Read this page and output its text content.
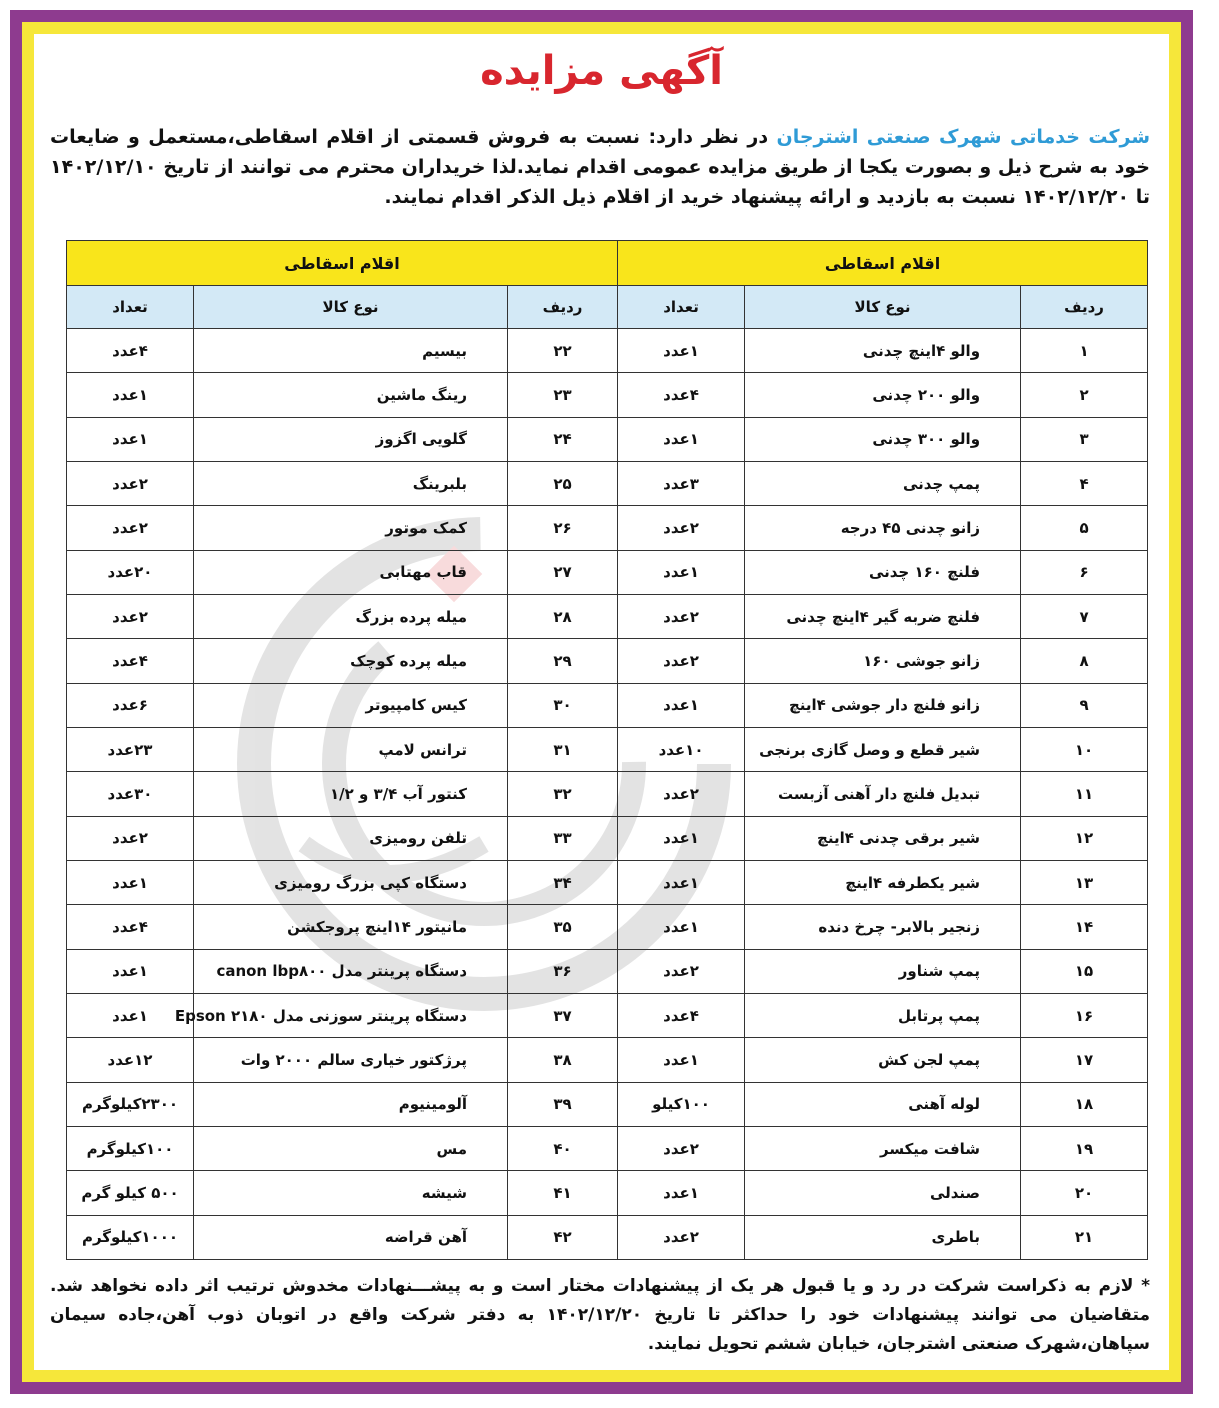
آگهی مزایده

شرکت خدماتی شهرک صنعتی اشترجان در نظر دارد: نسبت به فروش قسمتی از اقلام اسقاطی،مستعمل و ضایعات خود به شرح ذیل و بصورت یکجا از طریق مزایده عمومی اقدام نماید.لذا خریداران محترم می توانند از تاریخ ۱۴۰۲/۱۲/۱۰ تا ۱۴۰۲/۱۲/۲۰ نسبت به بازدید و ارائه پیشنهاد خرید از اقلام ذیل الذکر اقدام نمایند.

اقلام اسقاطی			اقلام اسقاطی		
ردیف	نوع کالا	تعداد	ردیف	نوع کالا	تعداد
۱	والو ۴اینچ چدنی	۱عدد	۲۲	بیسیم	۴عدد
۲	والو ۲۰۰ چدنی	۴عدد	۲۳	رینگ ماشین	۱عدد
۳	والو ۳۰۰ چدنی	۱عدد	۲۴	گلویی اگزوز	۱عدد
۴	پمپ چدنی	۳عدد	۲۵	بلبرینگ	۲عدد
۵	زانو چدنی ۴۵ درجه	۲عدد	۲۶	کمک موتور	۲عدد
۶	فلنچ ۱۶۰ چدنی	۱عدد	۲۷	قاب مهتابی	۲۰عدد
۷	فلنچ ضربه گیر ۴اینچ چدنی	۲عدد	۲۸	میله پرده بزرگ	۲عدد
۸	زانو جوشی ۱۶۰	۲عدد	۲۹	میله پرده کوچک	۴عدد
۹	زانو فلنچ دار جوشی ۴اینچ	۱عدد	۳۰	کیس کامپیوتر	۶عدد
۱۰	شیر قطع و وصل گازی برنجی	۱۰عدد	۳۱	ترانس لامپ	۲۳عدد
۱۱	تبدیل فلنچ دار آهنی آزبست	۲عدد	۳۲	کنتور آب ۳/۴ و ۱/۲	۳۰عدد
۱۲	شیر برقی چدنی ۴اینچ	۱عدد	۳۳	تلفن رومیزی	۲عدد
۱۳	شیر یکطرفه ۴اینچ	۱عدد	۳۴	دستگاه کپی بزرگ رومیزی	۱عدد
۱۴	زنجیر بالابر- چرخ دنده	۱عدد	۳۵	مانیتور ۱۴اینچ پروجکشن	۴عدد
۱۵	پمپ شناور	۲عدد	۳۶	دستگاه پرینتر مدل canon lbp۸۰۰	۱عدد
۱۶	پمپ پرتابل	۴عدد	۳۷	دستگاه پرینتر سوزنی مدل Epson ۲۱۸۰	۱عدد
۱۷	پمپ لجن کش	۱عدد	۳۸	پرژکتور خیاری سالم ۲۰۰۰ وات	۱۲عدد
۱۸	لوله آهنی	۱۰۰کیلو	۳۹	آلومینیوم	۲۳۰۰کیلوگرم
۱۹	شافت میکسر	۲عدد	۴۰	مس	۱۰۰کیلوگرم
۲۰	صندلی	۱عدد	۴۱	شیشه	۵۰۰ کیلو گرم
۲۱	باطری	۲عدد	۴۲	آهن قراضه	۱۰۰۰کیلوگرم

* لازم به ذکراست شرکت در رد و یا قبول هر یک از پیشنهادات مختار است و به پیشـــنهادات مخدوش ترتیب اثر داده نخواهد شد. متقاضیان می توانند پیشنهادات خود را حداکثر تا تاریخ ۱۴۰۲/۱۲/۲۰ به دفتر شرکت واقع در اتوبان ذوب آهن،جاده سیمان سپاهان،شهرک صنعتی اشترجان، خیابان ششم تحویل نمایند.
